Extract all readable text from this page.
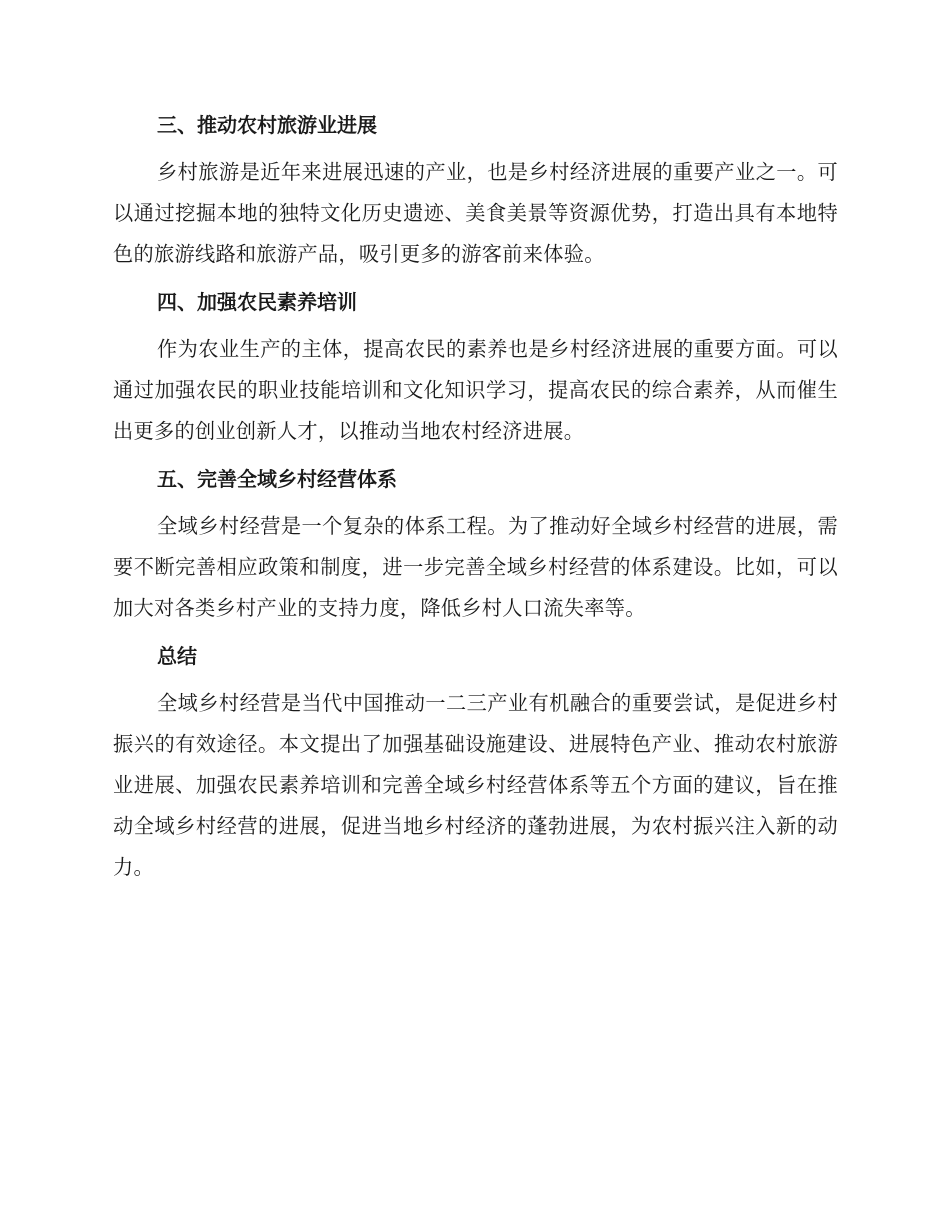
三、推动农村旅游业进展
乡村旅游是近年来进展迅速的产业，也是乡村经济进展的重要产业之一。可以通过挖掘本地的独特文化历史遗迹、美食美景等资源优势，打造出具有本地特色的旅游线路和旅游产品，吸引更多的游客前来体验。
四、加强农民素养培训
作为农业生产的主体，提高农民的素养也是乡村经济进展的重要方面。可以通过加强农民的职业技能培训和文化知识学习，提高农民的综合素养，从而催生出更多的创业创新人才，以推动当地农村经济进展。
五、完善全域乡村经营体系
全域乡村经营是一个复杂的体系工程。为了推动好全域乡村经营的进展，需要不断完善相应政策和制度，进一步完善全域乡村经营的体系建设。比如，可以加大对各类乡村产业的支持力度，降低乡村人口流失率等。
总结
全域乡村经营是当代中国推动一二三产业有机融合的重要尝试，是促进乡村振兴的有效途径。本文提出了加强基础设施建设、进展特色产业、推动农村旅游业进展、加强农民素养培训和完善全域乡村经营体系等五个方面的建议，旨在推动全域乡村经营的进展，促进当地乡村经济的蓬勃进展，为农村振兴注入新的动力。
